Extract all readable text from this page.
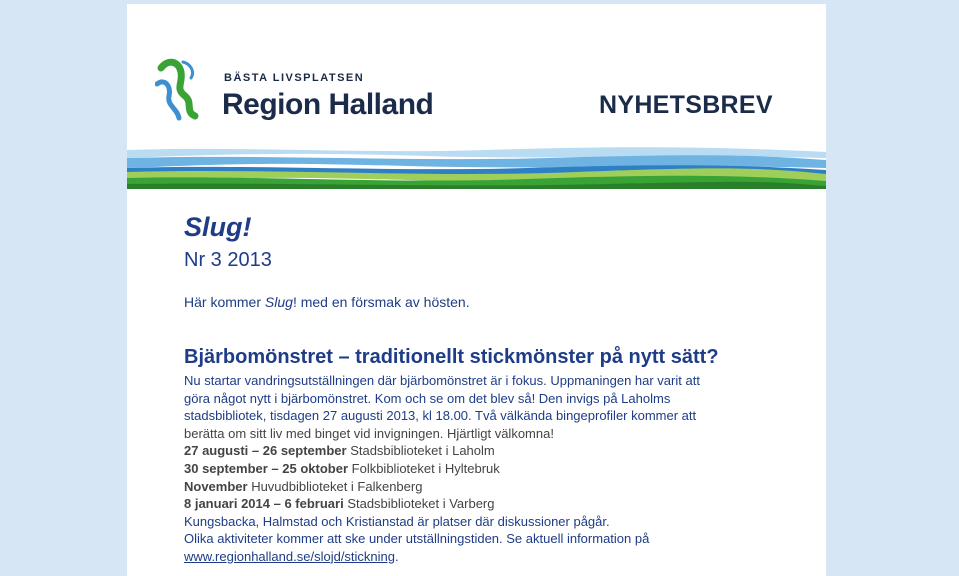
BÄSTA LIVSPLATSEN
Region Halland	NYHETSBREV
Slug!
Nr 3 2013
Här kommer Slug! med en försmak av hösten.
Bjärbomönstret – traditionellt stickmönster på nytt sätt?
Nu startar vandringsutställningen där bjärbomönstret är i fokus. Uppmaningen har varit att
göra något nytt i bjärbomönstret. Kom och se om det blev så! Den invigs på Laholms
stadsbibliotek, tisdagen 27 augusti 2013, kl 18.00. Två välkända bingeprofiler kommer att
berätta om sitt liv med binget vid invigningen. Hjärtligt välkomna!
27 augusti – 26 september Stadsbiblioteket i Laholm
30 september – 25 oktober Folkbiblioteket i Hyltebruk
November Huvudbiblioteket i Falkenberg
8 januari 2014 – 6 februari Stadsbiblioteket i Varberg
Kungsbacka, Halmstad och Kristianstad är platser där diskussioner pågår.
Olika aktiviteter kommer att ske under utställningstiden. Se aktuell information på
www.regionhalland.se/slojd/stickning.
